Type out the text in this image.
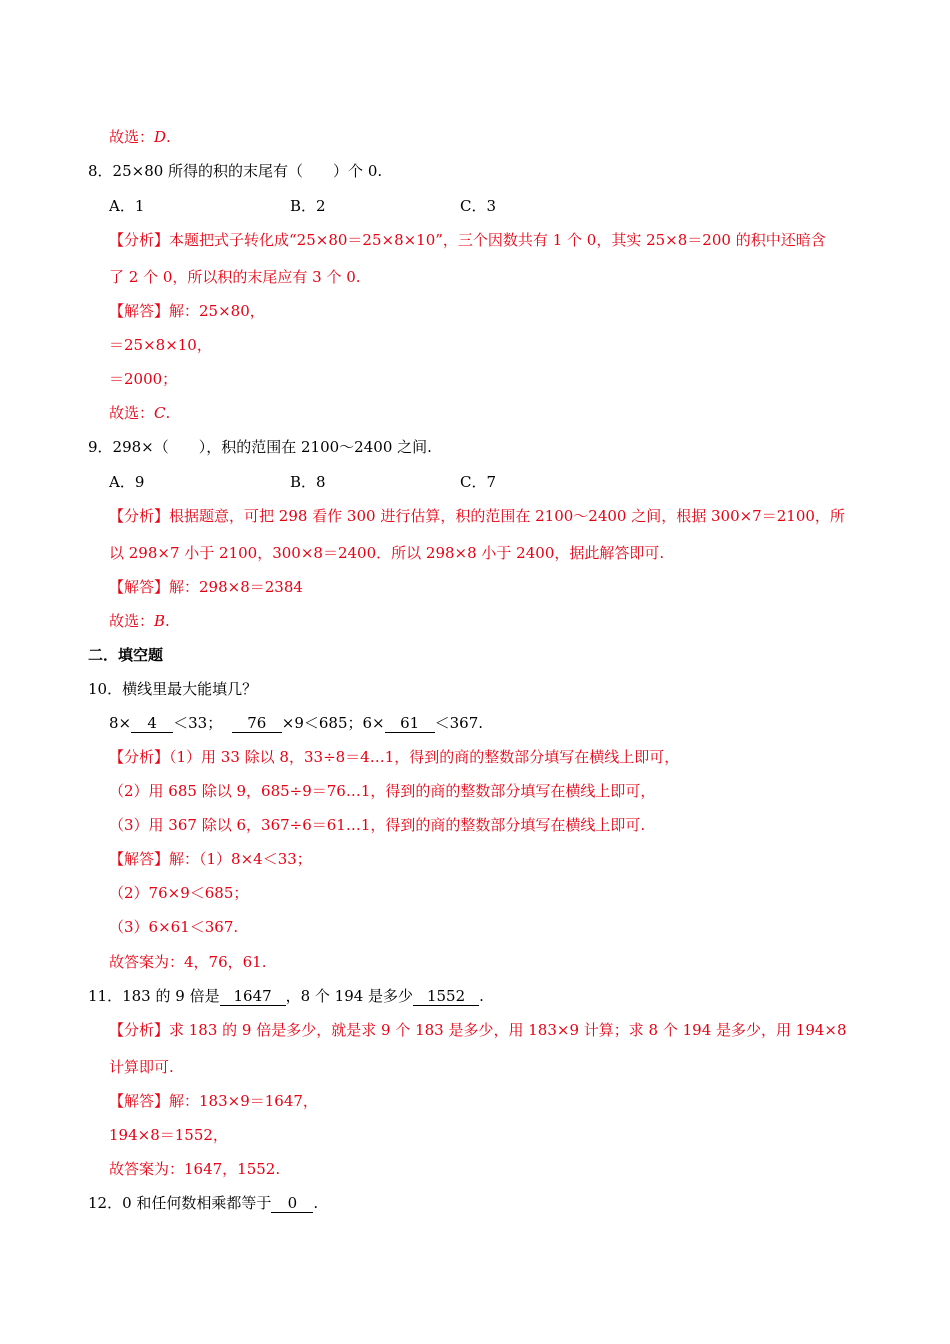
故选：D.
8．25×80 所得的积的末尾有（　　）个 0.
A．1	B．2	C．3
【分析】本题把式子转化成“25×80＝25×8×10”，三个因数共有 1 个 0，其实 25×8＝200 的积中还暗含
了 2 个 0，所以积的末尾应有 3 个 0.
【解答】解：25×80，
＝25×8×10，
＝2000；
故选：C.
9．298×（　　），积的范围在 2100～2400 之间.
A．9	B．8	C．7
【分析】根据题意，可把 298 看作 300 进行估算，积的范围在 2100～2400 之间，根据 300×7＝2100，所
以 298×7 小于 2100，300×8＝2400．所以 298×8 小于 2400，据此解答即可.
【解答】解：298×8＝2384
故选：B.
二．填空题
10．横线里最大能填几？
8× 4 ＜33； 76 ×9＜685；6× 61 ＜367.
【分析】（1）用 33 除以 8，33÷8＝4…1，得到的商的整数部分填写在横线上即可，
（2）用 685 除以 9，685÷9＝76…1，得到的商的整数部分填写在横线上即可，
（3）用 367 除以 6，367÷6＝61…1，得到的商的整数部分填写在横线上即可.
【解答】解：（1）8×4＜33；
（2）76×9＜685；
（3）6×61＜367.
故答案为：4，76，61.
11．183 的 9 倍是 1647 ，8 个 194 是多少 1552 .
【分析】求 183 的 9 倍是多少，就是求 9 个 183 是多少，用 183×9 计算；求 8 个 194 是多少，用 194×8
计算即可.
【解答】解：183×9＝1647，
194×8＝1552，
故答案为：1647，1552.
12．0 和任何数相乘都等于 0 .
